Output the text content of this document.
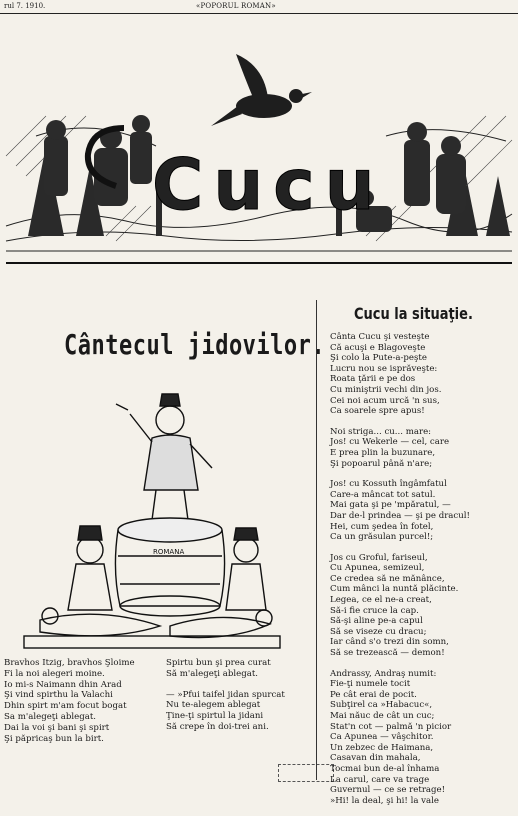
rul 7. 1910.	«POPORUL ROMAN»
Cucu
Cântecul jidovilor.
ROMANA
Bravhos Itzig, bravhos Şloime
Fi la noi alegeri moine.
Io mi-s Naimann dhin Arad
Şi vind spirthu la Valachi
Dhin spirt m'am focut bogat
Sa m'alegeţi ablegat.
Dai la voi şi bani şi spirt
Şi păpricaş bun la birt.
Spirtu bun şi prea curat
Să m'alegeţi ablegat.
— »Pfui taifel jidan spurcat
Nu te-alegem ablegat
Ţine-ţi spirtul la jidani
Să crepe în doi-trei ani.
Cucu la situaţie.
Cânta Cucu şi vesteşte
Că acuşi e Blagoveşte
Şi colo la Pute-a-peşte
Lucru nou se isprăveşte:
Roata ţării e pe dos
Cu miniştrii vechi din jos.
Cei noi acum urcă 'n sus,
Ca soarele spre apus!
Noi striga... cu... mare:
Jos! cu Wekerle — cel, care
E prea plin la buzunare,
Şi popoarul până n'are;
Jos! cu Kossuth îngâmfatul
Care-a mâncat tot satul.
Mai gata şi pe 'mpăratul, —
Dar de-l prindea — şi pe dracul!
Hei, cum şedea în fotel,
Ca un grăsulan purcel!;
Jos cu Groful, fariseul,
Cu Apunea, semizeul,
Ce credea să ne mănânce,
Cum mânci la nuntă plăcinte.
Legea, ce el ne-a creat,
Să-i fie cruce la cap.
Să-şi aline pe-a capul
Să se viseze cu dracu;
Iar când s'o trezi din somn,
Să se trezească — demon!
Andrassy, Andraş numit:
Fie-ţi numele tocit
Pe cât erai de pocit.
Subţirel ca »Habacuc«,
Mai năuc de cât un cuc;
Stat'n cot — palmă 'n picior
Ca Apunea — vâşchitor.
Un zebzec de Haimana,
Casavan din mahala,
Tocmai bun de-al înhama
La carul, care va trage
Guvernul — ce se retrage!
»Hi! la deal, şi hi! la vale
